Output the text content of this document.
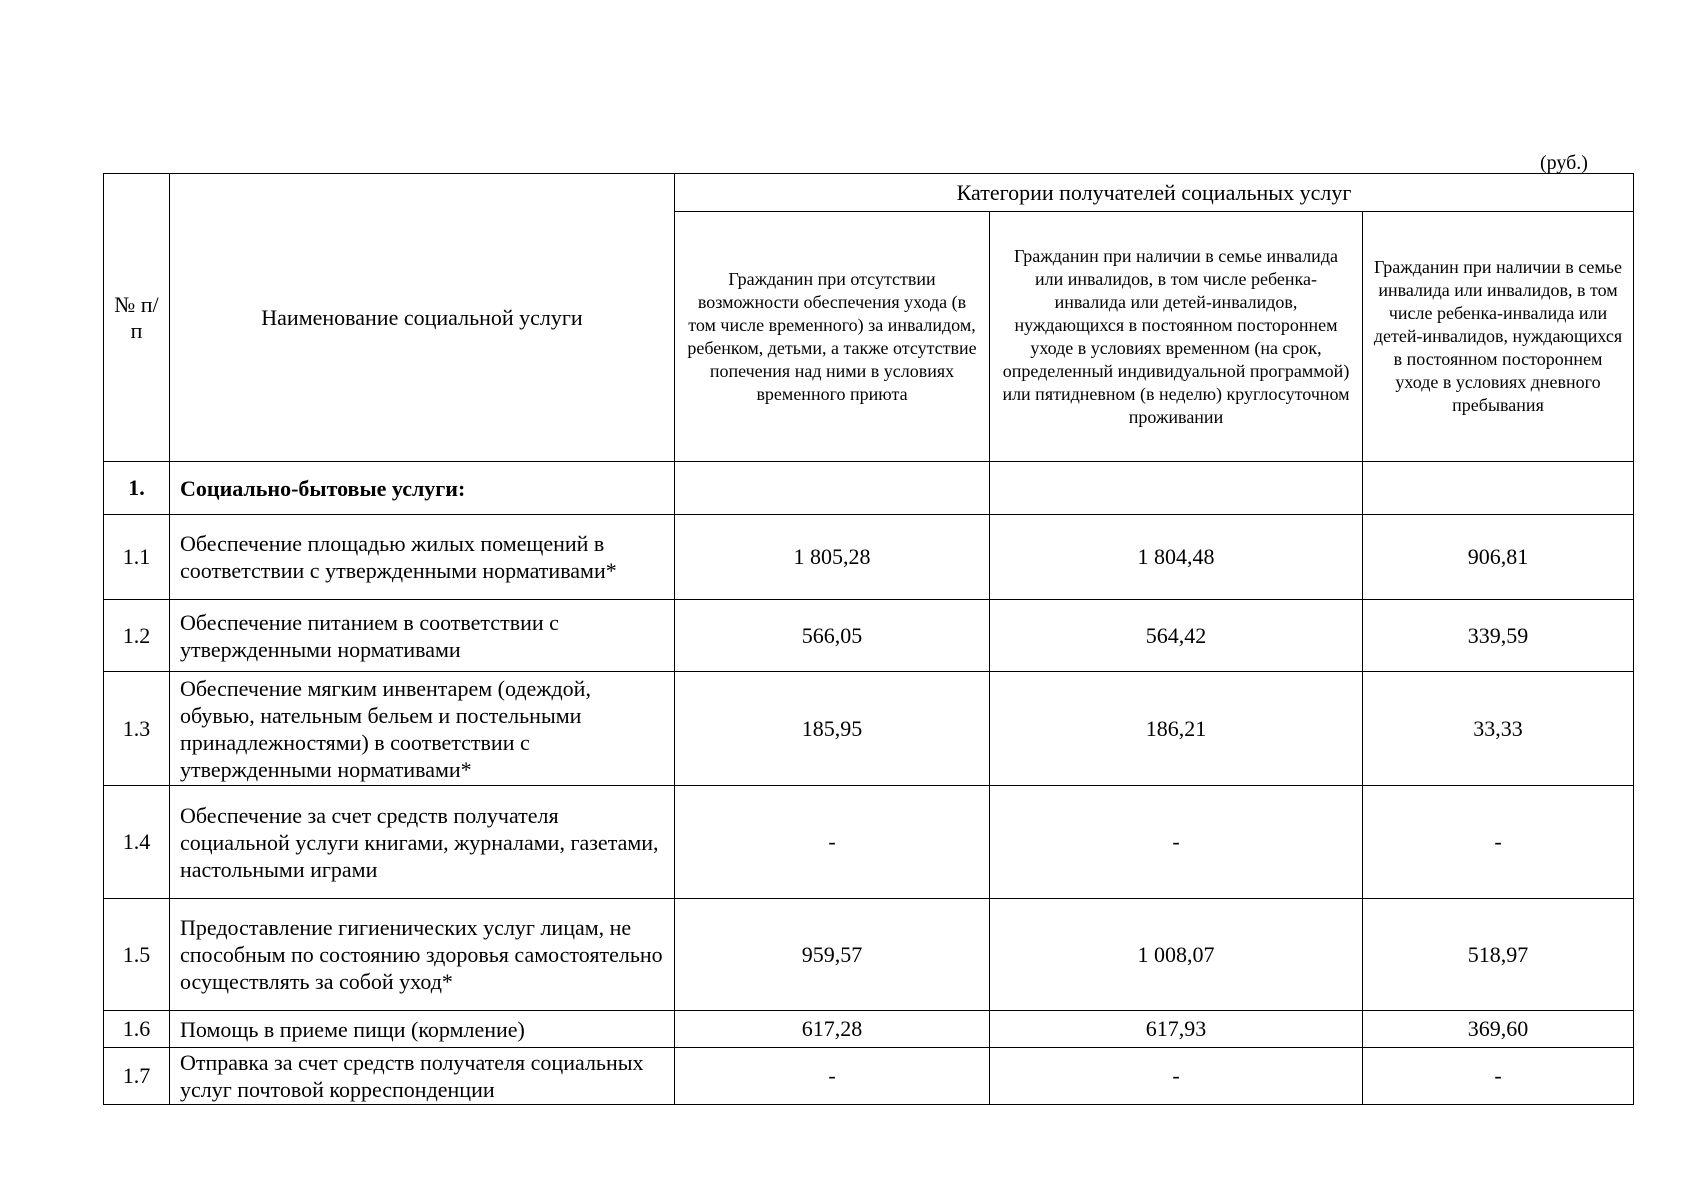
(руб.)
№ п/п	Наименование социальной услуги	Категории получателей социальных услуг		
		Гражданин при отсутствии возможности обеспечения ухода (в том числе временного) за инвалидом, ребенком, детьми, а также отсутствие попечения над ними в условиях временного приюта	Гражданин при наличии в семье инвалида или инвалидов, в том числе ребенка-инвалида или детей-инвалидов, нуждающихся в постоянном постороннем уходе в условиях временном (на срок, определенный индивидуальной программой) или пятидневном (в неделю) круглосуточном проживании	Гражданин при наличии в семье инвалида или инвалидов, в том числе ребенка-инвалида или детей-инвалидов, нуждающихся в постоянном постороннем уходе в условиях дневного пребывания
1.	Социально-бытовые услуги:			
1.1	Обеспечение площадью жилых помещений в соответствии с утвержденными нормативами*	1 805,28	1 804,48	906,81
1.2	Обеспечение питанием в соответствии с утвержденными нормативами	566,05	564,42	339,59
1.3	Обеспечение мягким инвентарем (одеждой, обувью, нательным бельем и постельными принадлежностями) в соответствии с утвержденными нормативами*	185,95	186,21	33,33
1.4	Обеспечение за счет средств получателя социальной услуги книгами, журналами, газетами, настольными играми	-	-	-
1.5	Предоставление гигиенических услуг лицам, не способным по состоянию здоровья самостоятельно осуществлять за собой уход*	959,57	1 008,07	518,97
1.6	Помощь в приеме пищи (кормление)	617,28	617,93	369,60
1.7	Отправка за счет средств получателя социальных услуг почтовой корреспонденции	-	-	-
